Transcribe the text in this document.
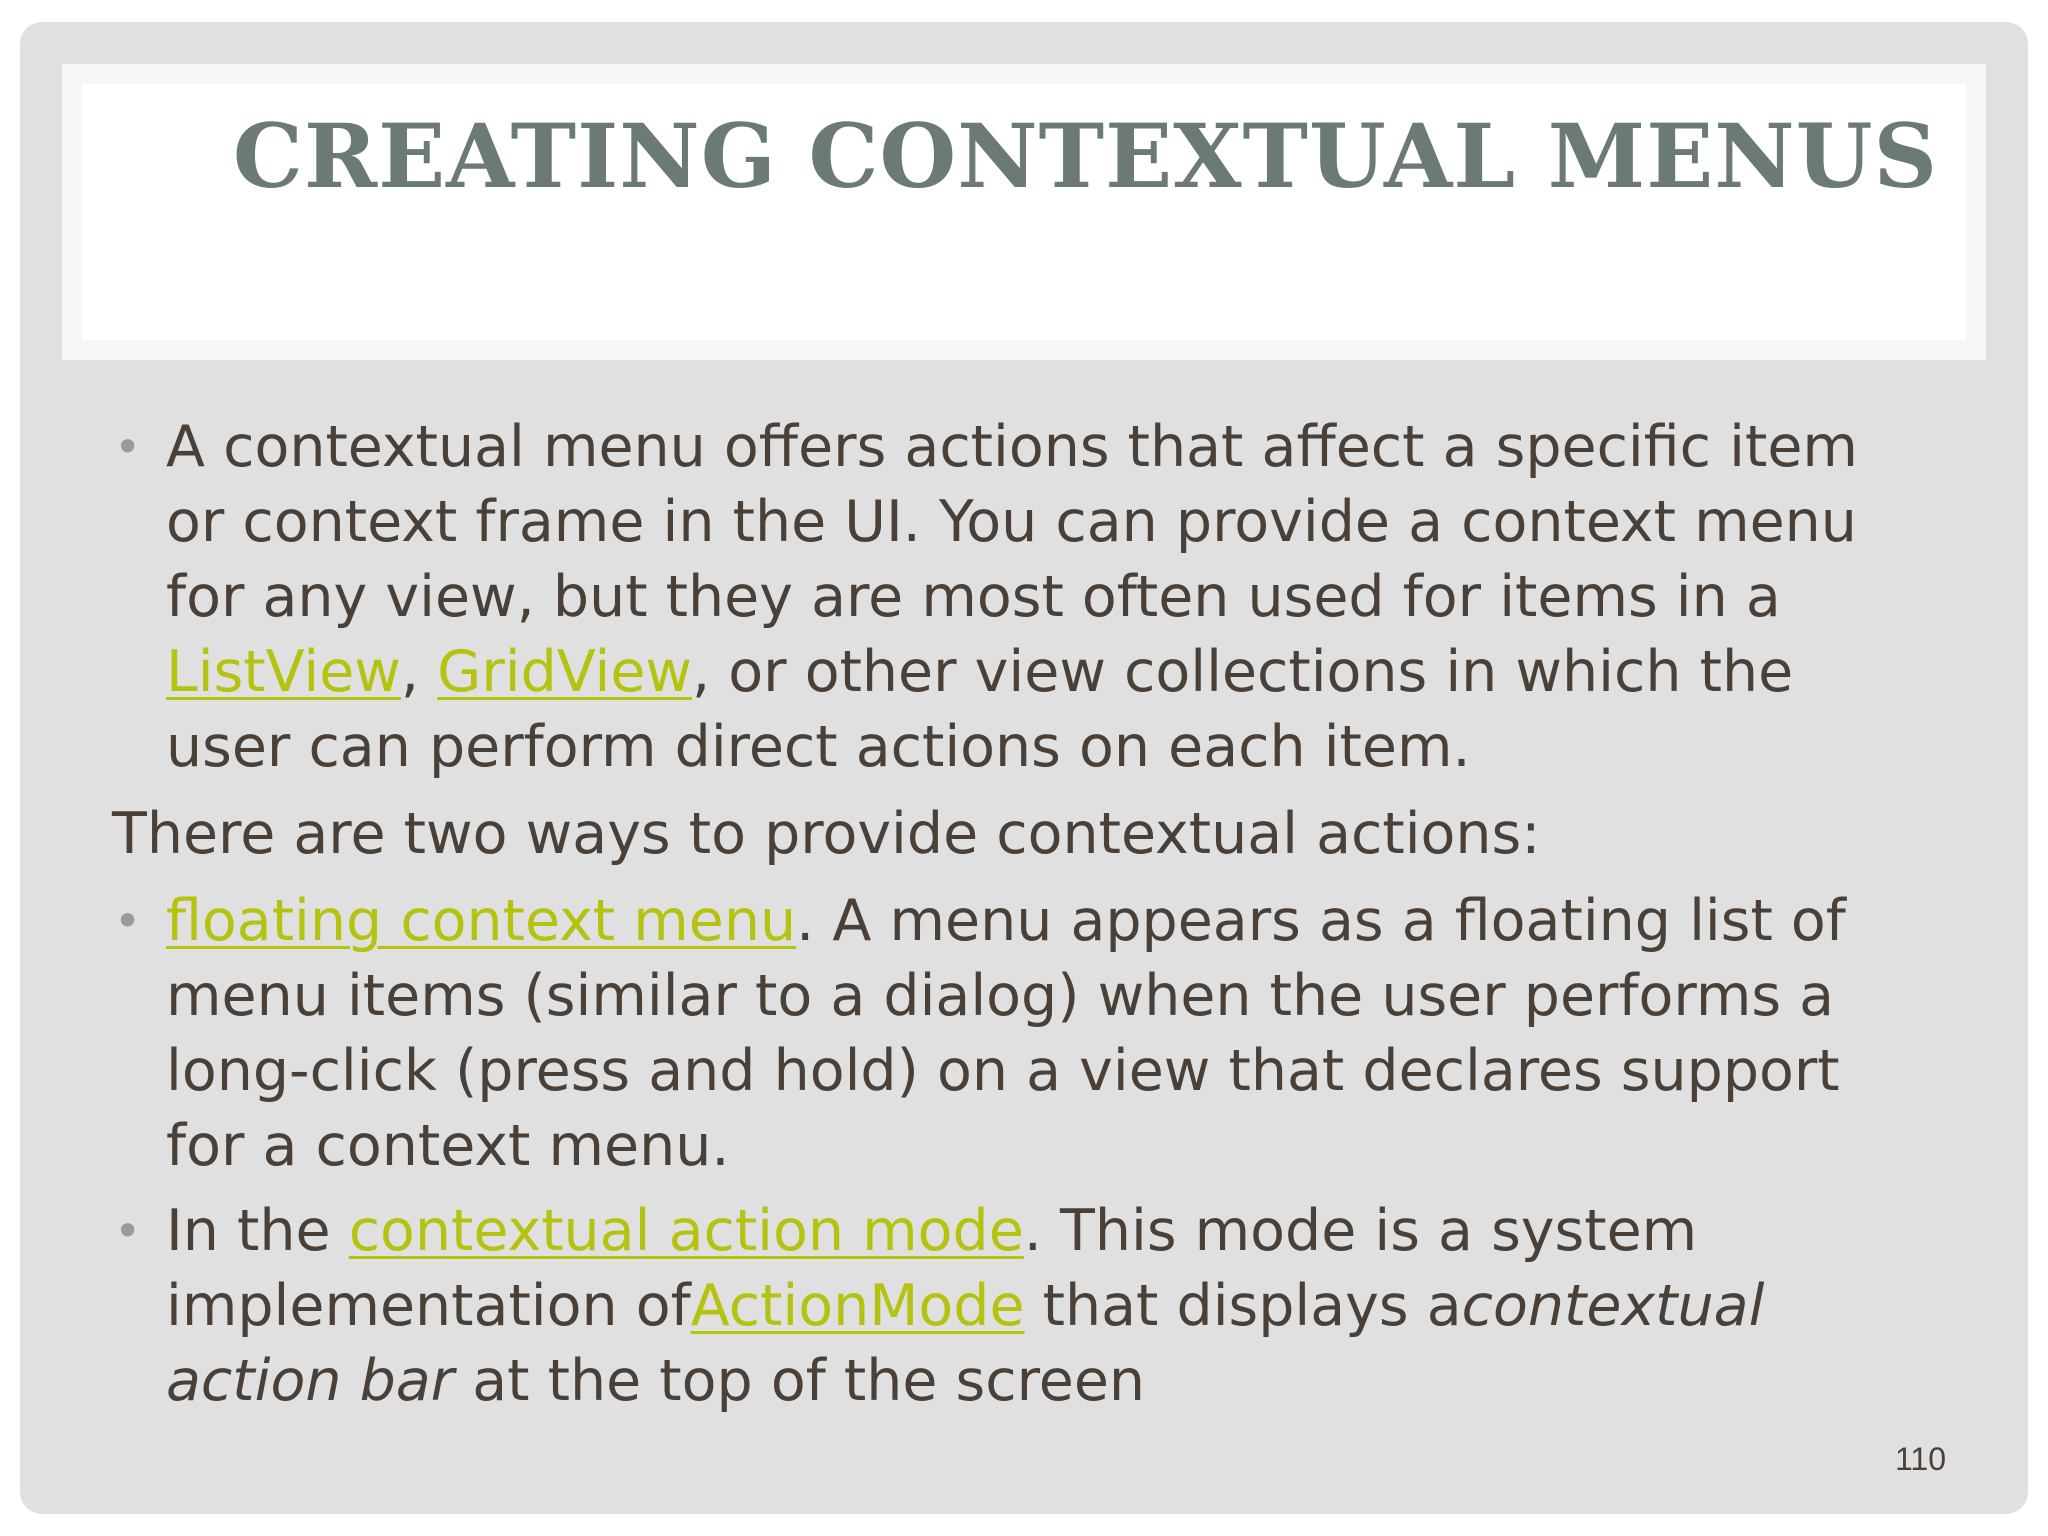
CREATING CONTEXTUAL MENUS
• A contextual menu offers actions that affect a specific item or context frame in the UI. You can provide a context menu for any view, but they are most often used for items in a ListView, GridView, or other view collections in which the user can perform direct actions on each item.
There are two ways to provide contextual actions:
• floating context menu. A menu appears as a floating list of menu items (similar to a dialog) when the user performs a long-click (press and hold) on a view that declares support for a context menu.
• In the contextual action mode. This mode is a system implementation ofActionMode that displays acontextual action bar at the top of the screen
110
